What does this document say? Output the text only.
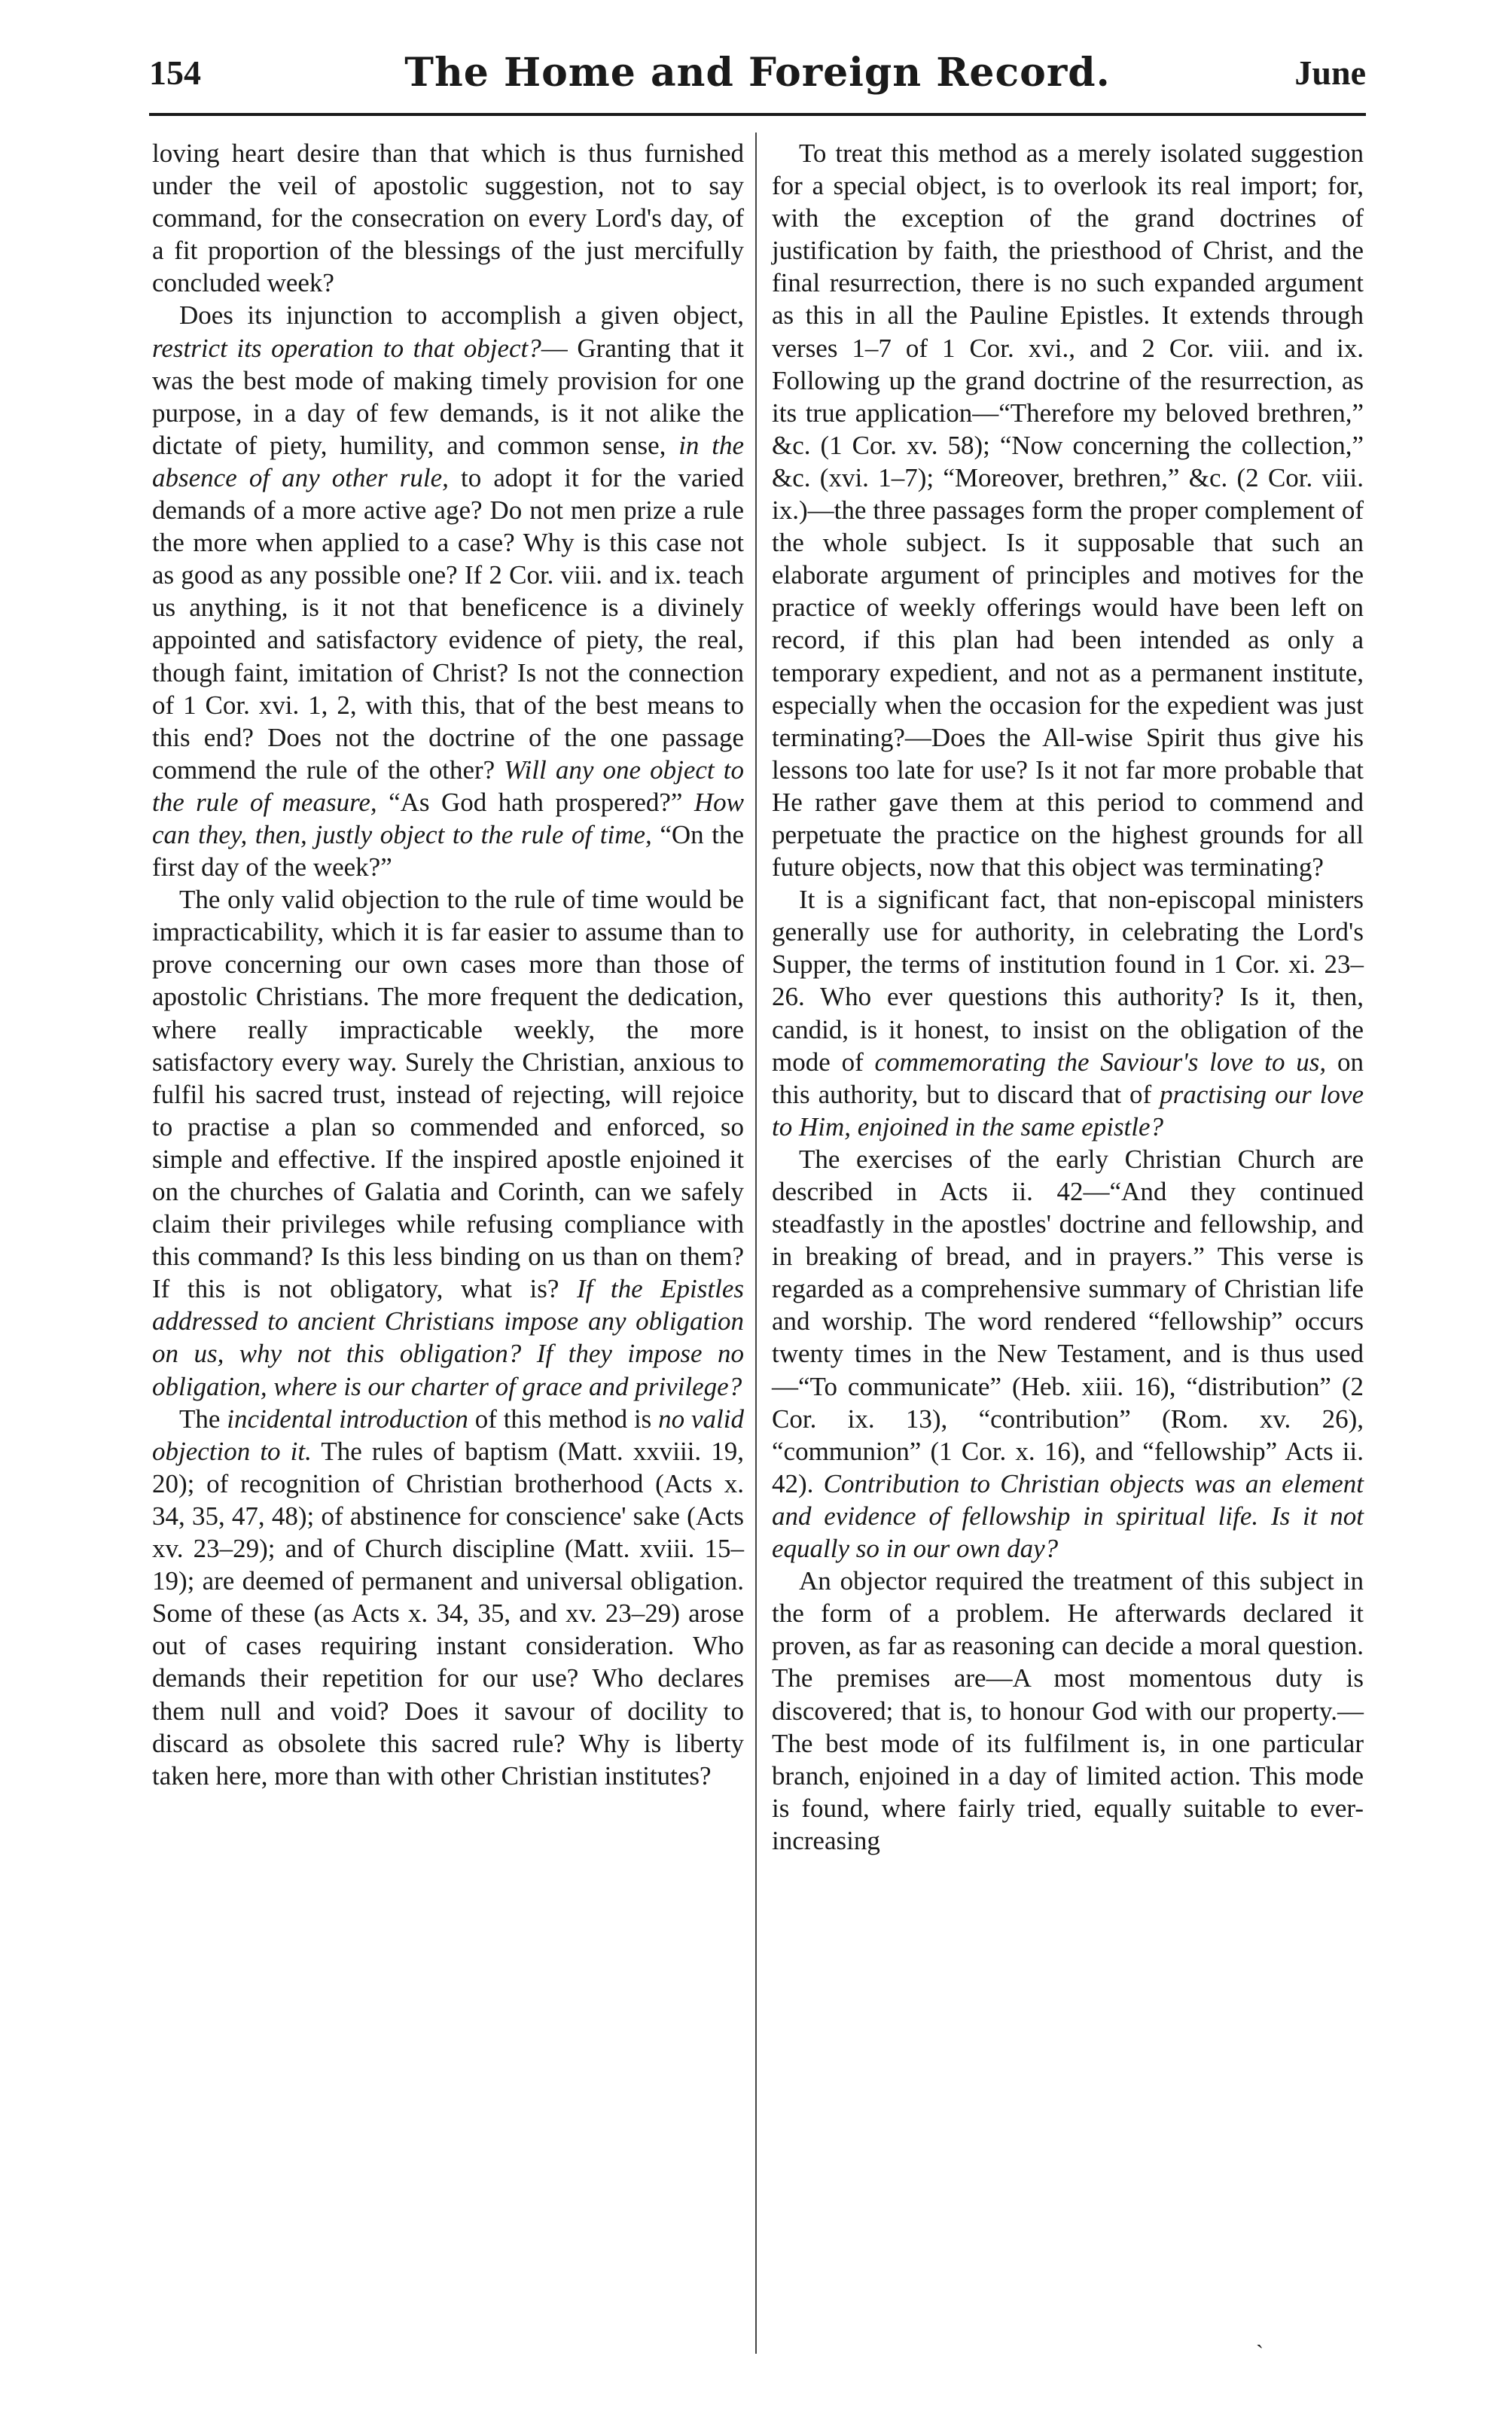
154	The Home and Foreign Record.	June

loving heart desire than that which is thus furnished under the veil of apostolic suggestion, not to say command, for the consecration on every Lord's day, of a fit proportion of the blessings of the just mercifully concluded week?

Does its injunction to accomplish a given object, restrict its operation to that object?— Granting that it was the best mode of making timely provision for one purpose, in a day of few demands, is it not alike the dictate of piety, humility, and common sense, in the absence of any other rule, to adopt it for the varied demands of a more active age? Do not men prize a rule the more when applied to a case? Why is this case not as good as any possible one? If 2 Cor. viii. and ix. teach us anything, is it not that beneficence is a divinely appointed and satisfactory evidence of piety, the real, though faint, imitation of Christ? Is not the connection of 1 Cor. xvi. 1, 2, with this, that of the best means to this end? Does not the doctrine of the one passage commend the rule of the other? Will any one object to the rule of measure, “As God hath prospered?” How can they, then, justly object to the rule of time, “On the first day of the week?”

The only valid objection to the rule of time would be impracticability, which it is far easier to assume than to prove concerning our own cases more than those of apostolic Christians. The more frequent the dedication, where really impracticable weekly, the more satisfactory every way. Surely the Christian, anxious to fulfil his sacred trust, instead of rejecting, will rejoice to practise a plan so commended and enforced, so simple and effective. If the inspired apostle enjoined it on the churches of Galatia and Corinth, can we safely claim their privileges while refusing compliance with this command? Is this less binding on us than on them? If this is not obligatory, what is? If the Epistles addressed to ancient Christians impose any obligation on us, why not this obligation? If they impose no obligation, where is our charter of grace and privilege?

The incidental introduction of this method is no valid objection to it. The rules of baptism (Matt. xxviii. 19, 20); of recognition of Christian brotherhood (Acts x. 34, 35, 47, 48); of abstinence for conscience' sake (Acts xv. 23–29); and of Church discipline (Matt. xviii. 15–19); are deemed of permanent and universal obligation. Some of these (as Acts x. 34, 35, and xv. 23–29) arose out of cases requiring instant consideration. Who demands their repetition for our use? Who declares them null and void? Does it savour of docility to discard as obsolete this sacred rule? Why is liberty taken here, more than with other Christian institutes?

To treat this method as a merely isolated suggestion for a special object, is to overlook its real import; for, with the exception of the grand doctrines of justification by faith, the priesthood of Christ, and the final resurrection, there is no such expanded argument as this in all the Pauline Epistles. It extends through verses 1–7 of 1 Cor. xvi., and 2 Cor. viii. and ix. Following up the grand doctrine of the resurrection, as its true application—“Therefore my beloved brethren,” &c. (1 Cor. xv. 58); “Now concerning the collection,” &c. (xvi. 1–7); “Moreover, brethren,” &c. (2 Cor. viii. ix.)—the three passages form the proper complement of the whole subject. Is it supposable that such an elaborate argument of principles and motives for the practice of weekly offerings would have been left on record, if this plan had been intended as only a temporary expedient, and not as a permanent institute, especially when the occasion for the expedient was just terminating?—Does the All-wise Spirit thus give his lessons too late for use? Is it not far more probable that He rather gave them at this period to commend and perpetuate the practice on the highest grounds for all future objects, now that this object was terminating?

It is a significant fact, that non-episcopal ministers generally use for authority, in celebrating the Lord's Supper, the terms of institution found in 1 Cor. xi. 23–26. Who ever questions this authority? Is it, then, candid, is it honest, to insist on the obligation of the mode of commemorating the Saviour's love to us, on this authority, but to discard that of practising our love to Him, enjoined in the same epistle?

The exercises of the early Christian Church are described in Acts ii. 42—“And they continued steadfastly in the apostles' doctrine and fellowship, and in breaking of bread, and in prayers.” This verse is regarded as a comprehensive summary of Christian life and worship. The word rendered “fellowship” occurs twenty times in the New Testament, and is thus used—“To communicate” (Heb. xiii. 16), “distribution” (2 Cor. ix. 13), “contribution” (Rom. xv. 26), “communion” (1 Cor. x. 16), and “fellowship” Acts ii. 42). Contribution to Christian objects was an element and evidence of fellowship in spiritual life. Is it not equally so in our own day?

An objector required the treatment of this subject in the form of a problem. He afterwards declared it proven, as far as reasoning can decide a moral question. The premises are—A most momentous duty is discovered; that is, to honour God with our property.—The best mode of its fulfilment is, in one particular branch, enjoined in a day of limited action. This mode is found, where fairly tried, equally suitable to ever-increasing

ˎ
